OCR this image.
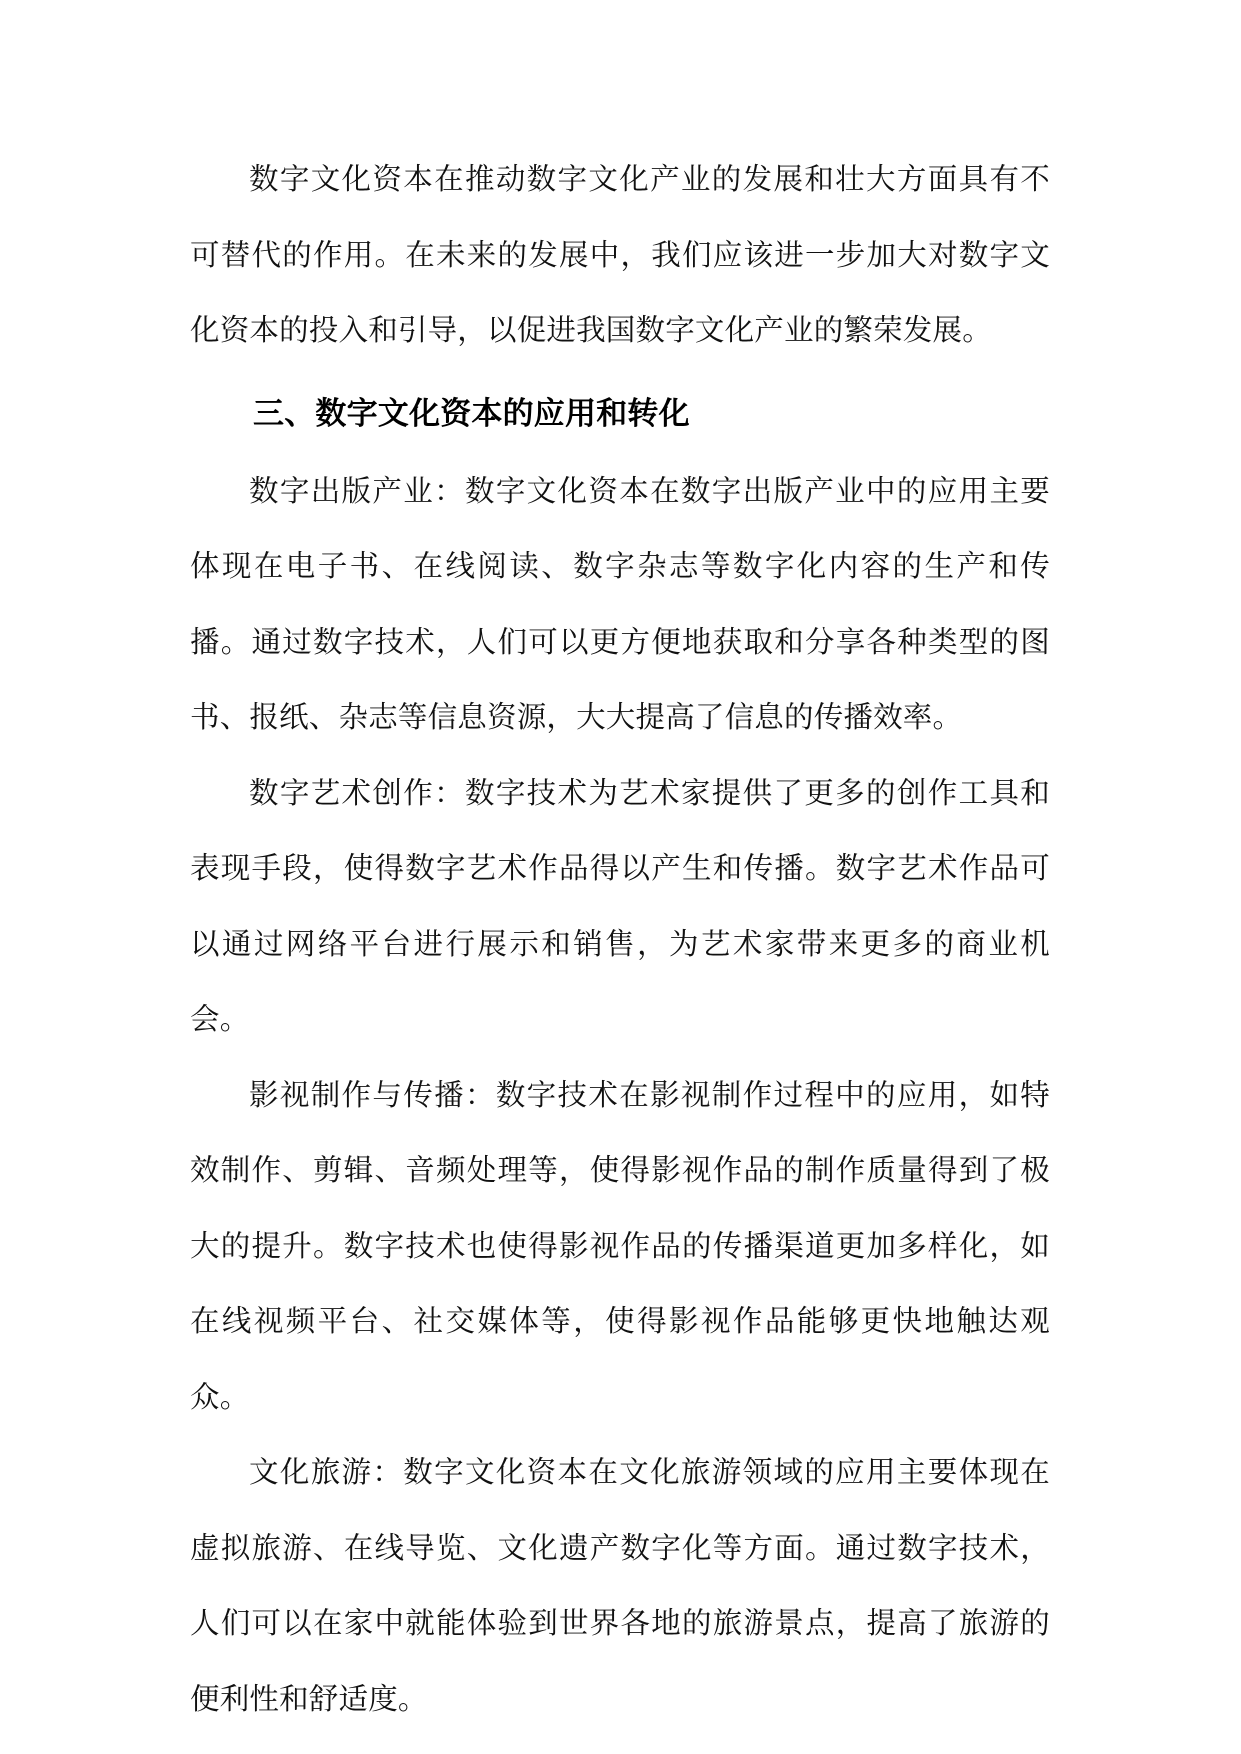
数字文化资本在推动数字文化产业的发展和壮大方面具有不可替代的作用。在未来的发展中，我们应该进一步加大对数字文化资本的投入和引导，以促进我国数字文化产业的繁荣发展。

三、数字文化资本的应用和转化

数字出版产业：数字文化资本在数字出版产业中的应用主要体现在电子书、在线阅读、数字杂志等数字化内容的生产和传播。通过数字技术，人们可以更方便地获取和分享各种类型的图书、报纸、杂志等信息资源，大大提高了信息的传播效率。

数字艺术创作：数字技术为艺术家提供了更多的创作工具和表现手段，使得数字艺术作品得以产生和传播。数字艺术作品可以通过网络平台进行展示和销售，为艺术家带来更多的商业机会。

影视制作与传播：数字技术在影视制作过程中的应用，如特效制作、剪辑、音频处理等，使得影视作品的制作质量得到了极大的提升。数字技术也使得影视作品的传播渠道更加多样化，如在线视频平台、社交媒体等，使得影视作品能够更快地触达观众。

文化旅游：数字文化资本在文化旅游领域的应用主要体现在虚拟旅游、在线导览、文化遗产数字化等方面。通过数字技术，人们可以在家中就能体验到世界各地的旅游景点，提高了旅游的便利性和舒适度。
